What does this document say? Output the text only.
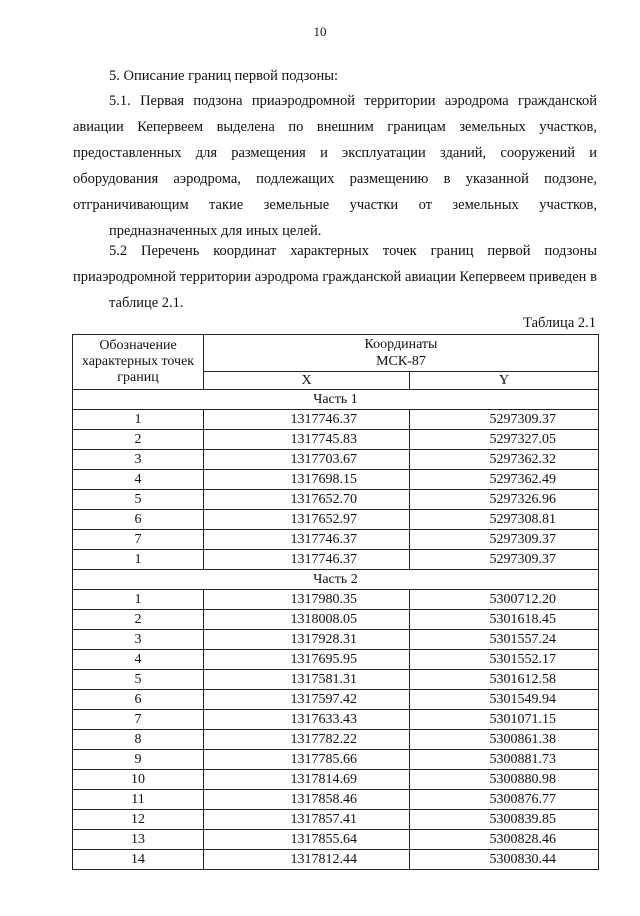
10
5. Описание границ первой подзоны:
5.1. Первая подзона приаэродромной территории аэродрома гражданской авиации Кепервеем выделена по внешним границам земельных участков, предоставленных для размещения и эксплуатации зданий, сооружений и оборудования аэродрома, подлежащих размещению в указанной подзоне, отграничивающим такие земельные участки от земельных участков,
предназначенных для иных целей.
5.2 Перечень координат характерных точек границ первой подзоны приаэродромной территории аэродрома гражданской авиации Кепервеем приведен в
таблице 2.1.
Таблица 2.1
Обозначение характерных точек границ	Координаты
МСК-87	

	X	Y
Часть 1		
1	1317746.37	5297309.37
2	1317745.83	5297327.05
3	1317703.67	5297362.32
4	1317698.15	5297362.49
5	1317652.70	5297326.96
6	1317652.97	5297308.81
7	1317746.37	5297309.37
1	1317746.37	5297309.37
Часть 2		
1	1317980.35	5300712.20
2	1318008.05	5301618.45
3	1317928.31	5301557.24
4	1317695.95	5301552.17
5	1317581.31	5301612.58
6	1317597.42	5301549.94
7	1317633.43	5301071.15
8	1317782.22	5300861.38
9	1317785.66	5300881.73
10	1317814.69	5300880.98
11	1317858.46	5300876.77
12	1317857.41	5300839.85
13	1317855.64	5300828.46
14	1317812.44	5300830.44
